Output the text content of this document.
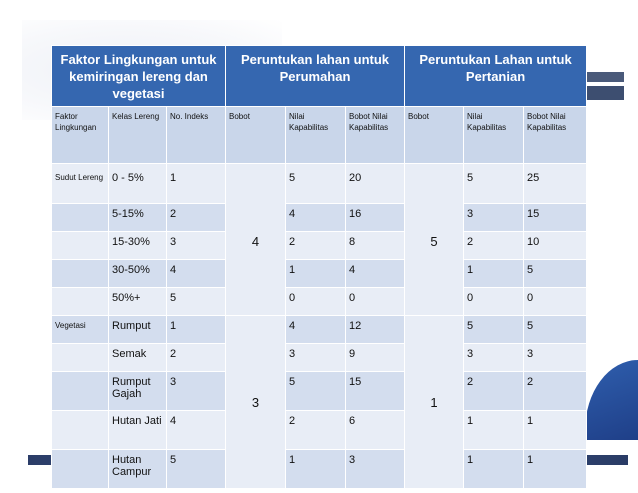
Faktor Lingkungan untuk kemiringan lereng dan vegetasi			Peruntukan lahan untuk Perumahan			Peruntukan Lahan untuk Pertanian		
Faktor Lingkungan	Kelas Lereng	No. Indeks	Bobot	Nilai Kapabilitas	Bobot Nilai Kapabilitas	Bobot	Nilai Kapabilitas	Bobot Nilai Kapabilitas
Sudut Lereng	0 - 5%	1	4	5	20	5	5	25
	5-15%	2		4	16		3	15
	15-30%	3		2	8		2	10
	30-50%	4		1	4		1	5
	50%+	5		0	0		0	0
Vegetasi	Rumput	1	3	4	12	1	5	5
	Semak	2		3	9		3	3
	Rumput Gajah	3		5	15		2	2
	Hutan Jati	4		2	6		1	1
	Hutan Campur	5		1	3		1	1
